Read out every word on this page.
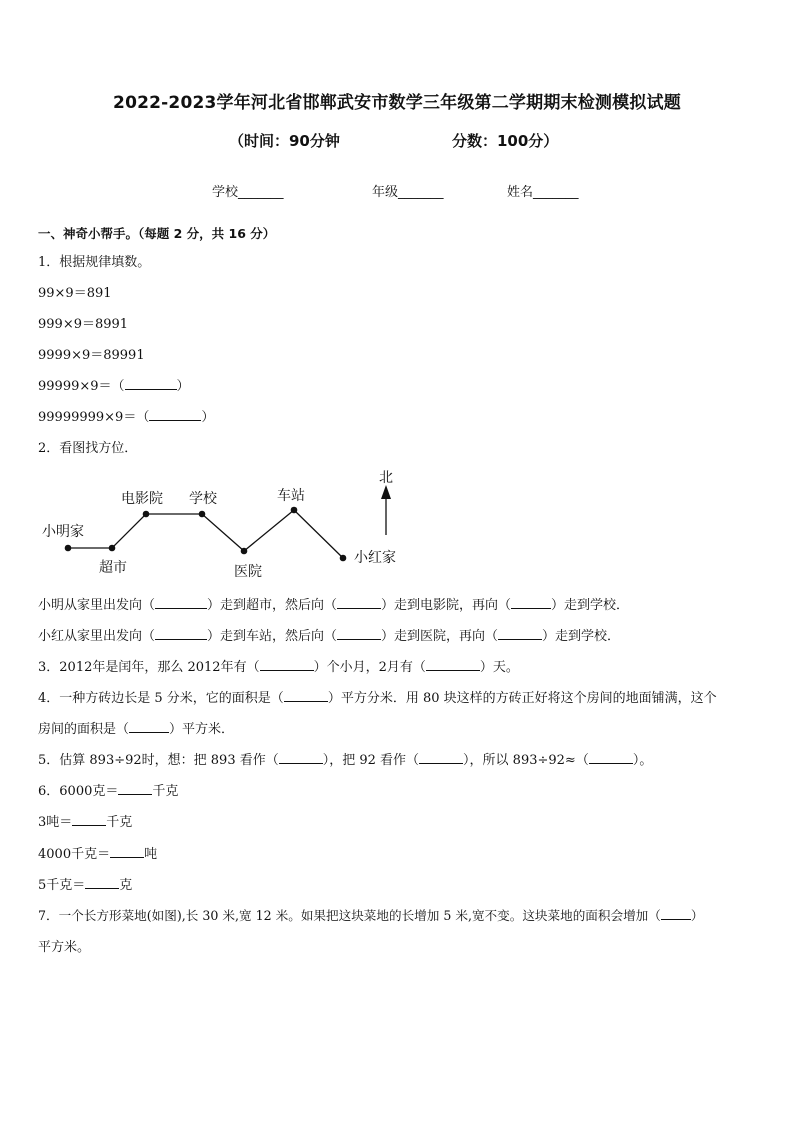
2022-2023学年河北省邯郸武安市数学三年级第二学期期末检测模拟试题
（时间：90分钟	分数：100分）
学校_______	年级_______	姓名_______
一、神奇小帮手。（每题 2 分，共 16 分）
1．根据规律填数。
99×9＝891
999×9＝8991
9999×9＝89991
99999×9＝（	）
99999999×9＝（	）
2．看图找方位．
小明家
超市
电影院 学校
医院
车站
小红家
北
小明从家里出发向（	）走到超市，然后向（	）走到电影院，再向（	）走到学校．
小红从家里出发向（	）走到车站，然后向（	）走到医院，再向（	）走到学校．
3．2012年是闰年，那么 2012年有（	）个小月，2月有（	）天。
4．一种方砖边长是 5 分米，它的面积是（	）平方分米．用 80 块这样的方砖正好将这个房间的地面铺满，这个
房间的面积是（	）平方米．
5．估算 893÷92时，想：把 893 看作（	），把 92 看作（	），所以 893÷92≈（	）。
6．6000克＝	千克
3吨＝	千克
4000千克＝	吨
5千克＝	克
7．一个长方形菜地(如图),长 30 米,宽 12 米。如果把这块菜地的长增加 5 米,宽不变。这块菜地的面积会增加（ ）
平方米。
